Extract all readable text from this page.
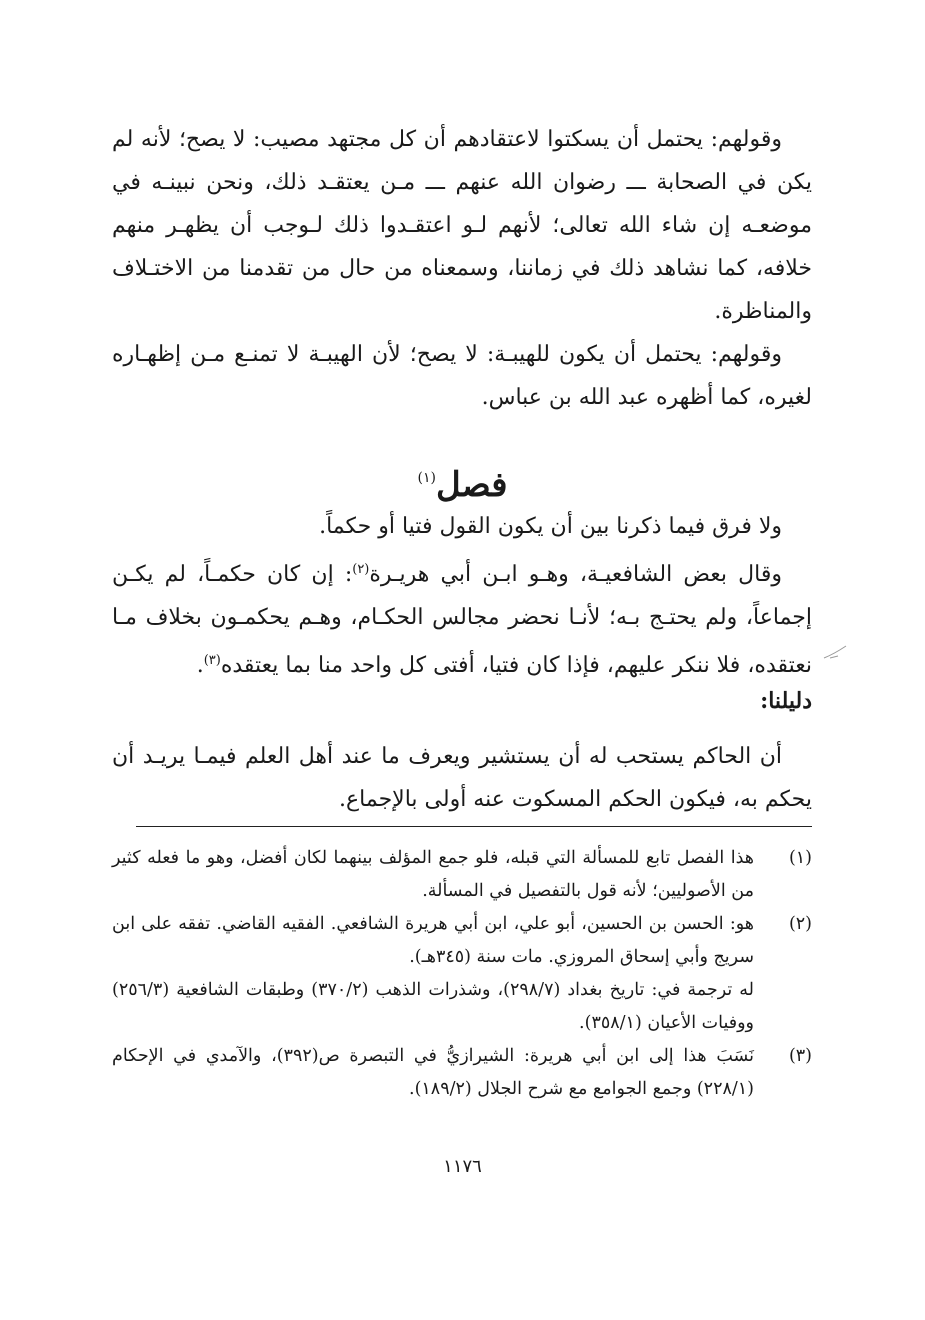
وقولهم: يحتمل أن يسكتوا لاعتقادهم أن كل مجتهد مصيب: لا يصح؛ لأنه لم يكن في الصحابة ـــ رضوان الله عنهم ـــ مـن يعتقـد ذلك، ونحن نبينـه في موضعـه إن شاء الله تعالى؛ لأنهم لـو اعتقـدوا ذلك لـوجب أن يظهـر منهم خلافه، كما نشاهد ذلك في زماننا، وسمعناه من حال من تقدمنا من الاختـلاف والمناظرة.

وقولهم: يحتمل أن يكون للهيبـة: لا يصح؛ لأن الهيبـة لا تمنـع مـن إظهـاره لغيره، كما أظهره عبد الله بن عباس.

فصل$^{(١)}$

ولا فرق فيما ذكرنا بين أن يكون القول فتيا أو حكماً.

وقال بعض الشافعيـة، وهـو ابـن أبي هريـرة$^{(٢)}$: إن كان حكمـاً، لم يكـن إجماعاً، ولم يحتـج بـه؛ لأنـا نحضر مجالس الحكـام، وهـم يحكمـون بخلاف مـا نعتقده، فلا ننكر عليهم، فإذا كان فتيا، أفتى كل واحد منا بما يعتقده$^{(٣)}$.

دليلنا:

أن الحاكم يستحب له أن يستشير ويعرف ما عند أهل العلم فيمـا يريـد أن يحكم به، فيكون الحكم المسكوت عنه أولى بالإجماع.

(١)
هذا الفصل تابع للمسألة التي قبله، فلو جمع المؤلف بينهما لكان أفضل، وهو ما فعله كثير من الأصوليين؛ لأنه قول بالتفصيل في المسألة.
(٢)
هو: الحسن بن الحسين، أبو علي، ابن أبي هريرة الشافعي. الفقيه القاضي. تفقه على ابن سريج وأبي إسحاق المروزي. مات سنة (٣٤٥هـ).
له ترجمة في: تاريخ بغداد (٢٩٨/٧)، وشذرات الذهب (٣٧٠/٢) وطبقات الشافعية (٢٥٦/٣) ووفيات الأعيان (٣٥٨/١).
(٣)
نَسَبَ هذا إلى ابن أبي هريرة: الشيرازيُّ في التبصرة ص(٣٩٢)، والآمدي في الإحكام (٢٢٨/١) وجمع الجوامع مع شرح الجلال (١٨٩/٢).
١١٧٦
